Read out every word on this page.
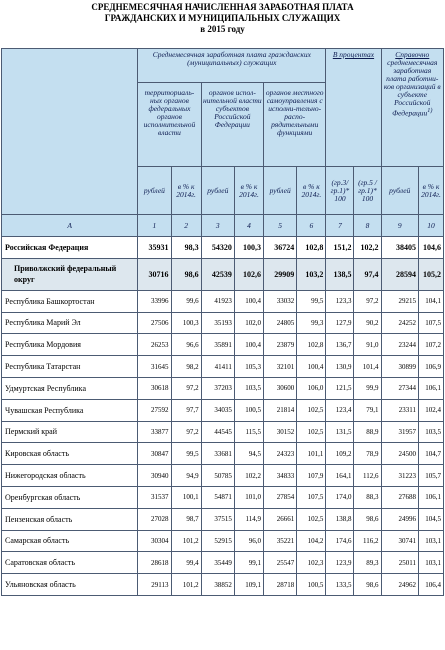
СРЕДНЕМЕСЯЧНАЯ НАЧИСЛЕННАЯ ЗАРАБОТНАЯ ПЛАТА
ГРАЖДАНСКИХ И МУНИЦИПАЛЬНЫХ СЛУЖАЩИХ
в 2015 году
	Среднемесячная заработная плата гражданских (муниципальных) служащих						В процентах		Справочно среднемесячная заработная плата работни-ков организаций в субъекте Российской Федерации$^{1)}$
	территориаль-ных органов федеральных органов исполнительной власти		органов испол-нительной власти субъектов Российской Федерации		органов местного самоуправления с исполни-тельно-распо-рядительными функциями					
	рублей	в % к 2014г.	рублей	в % к 2014г.	рублей	в % к 2014г.	(гр.3/ гр.1)* 100	(гр.5 / гр.1)* 100	рублей	в % к 2014г.
А	1	2	3	4	5	6	7	8	9	10
Российская Федерация	35931	98,3	54320	100,3	36724	102,8	151,2	102,2	38405	104,6
Приволжский федеральный округ	30716	98,6	42539	102,6	29909	103,2	138,5	97,4	28594	105,2
Республика Башкортостан	33996	99,6	41923	100,4	33032	99,5	123,3	97,2	29215	104,1
Республика Марий Эл	27506	100,3	35193	102,0	24805	99,3	127,9	90,2	24252	107,5
Республика Мордовия	26253	96,6	35891	100,4	23879	102,8	136,7	91,0	23244	107,2
Республика Татарстан	31645	98,2	41411	105,3	32101	100,4	130,9	101,4	30899	106,9
Удмуртская Республика	30618	97,2	37203	103,5	30600	106,0	121,5	99,9	27344	106,1
Чувашская Республика	27592	97,7	34035	100,5	21814	102,5	123,4	79,1	23311	102,4
Пермский край	33877	97,2	44545	115,5	30152	102,5	131,5	88,9	31957	103,5
Кировская область	30847	99,5	33681	94,5	24323	101,1	109,2	78,9	24500	104,7
Нижегородская область	30940	94,9	50785	102,2	34833	107,9	164,1	112,6	31223	105,7
Оренбургская область	31537	100,1	54871	101,0	27854	107,5	174,0	88,3	27688	106,1
Пензенская область	27028	98,7	37515	114,9	26661	102,5	138,8	98,6	24996	104,5
Самарская область	30304	101,2	52915	96,0	35221	104,2	174,6	116,2	30741	103,1
Саратовская область	28618	99,4	35449	99,1	25547	102,3	123,9	89,3	25011	103,1
Ульяновская область	29113	101,2	38852	109,1	28718	100,5	133,5	98,6	24962	106,4
